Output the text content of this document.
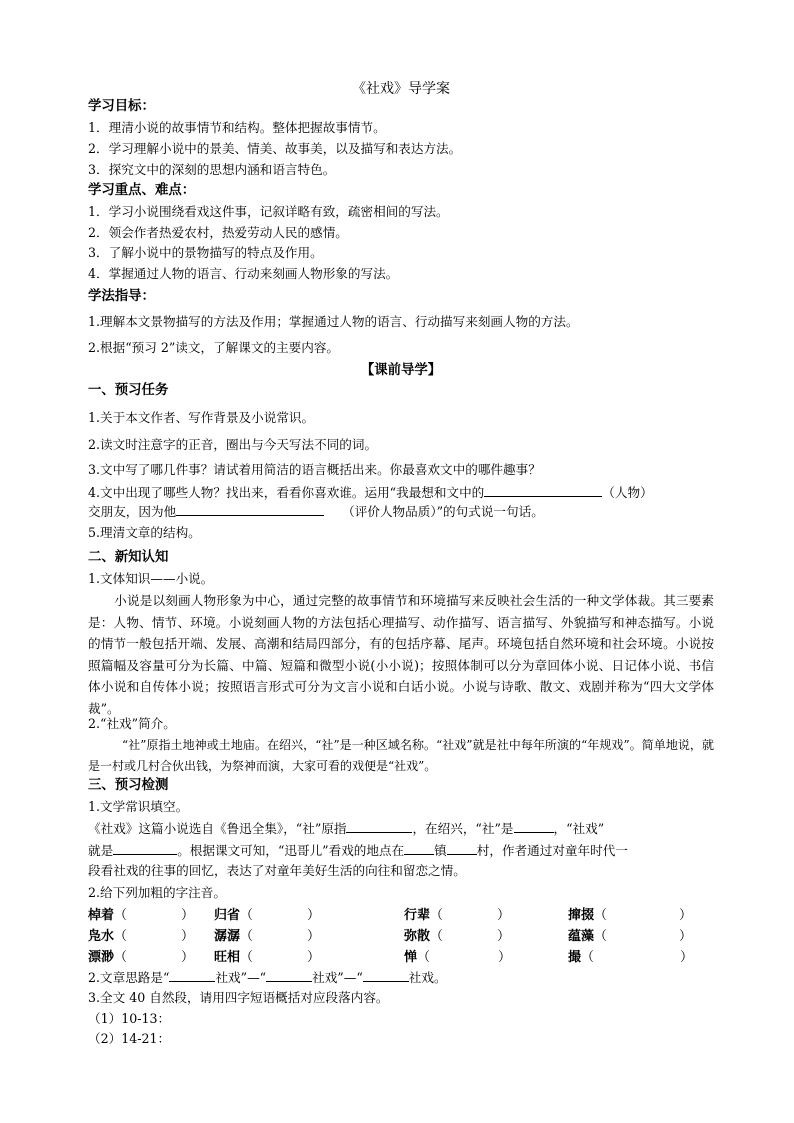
《社戏》导学案
学习目标：
1．理清小说的故事情节和结构。整体把握故事情节。
2．学习理解小说中的景美、情美、故事美，以及描写和表达方法。
3．探究文中的深刻的思想内涵和语言特色。
学习重点、难点：
1．学习小说围绕看戏这件事，记叙详略有致，疏密相间的写法。
2．领会作者热爱农村，热爱劳动人民的感情。
3．了解小说中的景物描写的特点及作用。
4．掌握通过人物的语言、行动来刻画人物形象的写法。
学法指导：
1.理解本文景物描写的方法及作用；掌握通过人物的语言、行动描写来刻画人物的方法。
2.根据“预习 2”读文，了解课文的主要内容。
【课前导学】
一、预习任务
1.关于本文作者、写作背景及小说常识。
2.读文时注意字的正音，圈出与今天写法不同的词。
3.文中写了哪几件事？请试着用简洁的语言概括出来。你最喜欢文中的哪件趣事？
4.文中出现了哪些人物？找出来，看看你喜欢谁。运用“我最想和文中的	（人物）
交朋友，因为他	（评价人物品质）”的句式说一句话。
5.理清文章的结构。
二、新知认知
1.文体知识——小说。
小说是以刻画人物形象为中心，通过完整的故事情节和环境描写来反映社会生活的一种文学体裁。其三要素是：人物、情节、环境。小说刻画人物的方法包括心理描写、动作描写、语言描写、外貌描写和神态描写。小说的情节一般包括开端、发展、高潮和结局四部分，有的包括序幕、尾声。环境包括自然环境和社会环境。小说按照篇幅及容量可分为长篇、中篇、短篇和微型小说(小小说)；按照体制可以分为章回体小说、日记体小说、书信体小说和自传体小说；按照语言形式可分为文言小说和白话小说。小说与诗歌、散文、戏剧并称为“四大文学体裁”。
2.“社戏”简介。
“社”原指土地神或土地庙。在绍兴，“社”是一种区域名称。“社戏”就是社中每年所演的“年规戏”。简单地说，就是一村或几村合伙出钱，为祭神而演，大家可看的戏便是“社戏”。
三、预习检测
1.文学常识填空。
《社戏》这篇小说选自《鲁迅全集》，“社”原指	，在绍兴，“社”是	，“社戏”
就是	。根据课文可知，“迅哥儿”看戏的地点在 镇 村，作者通过对童年时代一
段看社戏的往事的回忆，表达了对童年美好生活的向往和留恋之情。
2.给下列加粗的字注音。
棹着（	） 归省（	）	行辈（	）	撺掇（	）
凫水（	） 潺潺（	）	弥散（	）	蕴藻（	）
漂渺（	） 旺相（	）	惮（	）	撮（	）
2.文章思路是“	社戏”—“	社戏”—“	社戏。
3.全文 40 自然段，请用四字短语概括对应段落内容。
（1）10-13：
（2）14-21：
